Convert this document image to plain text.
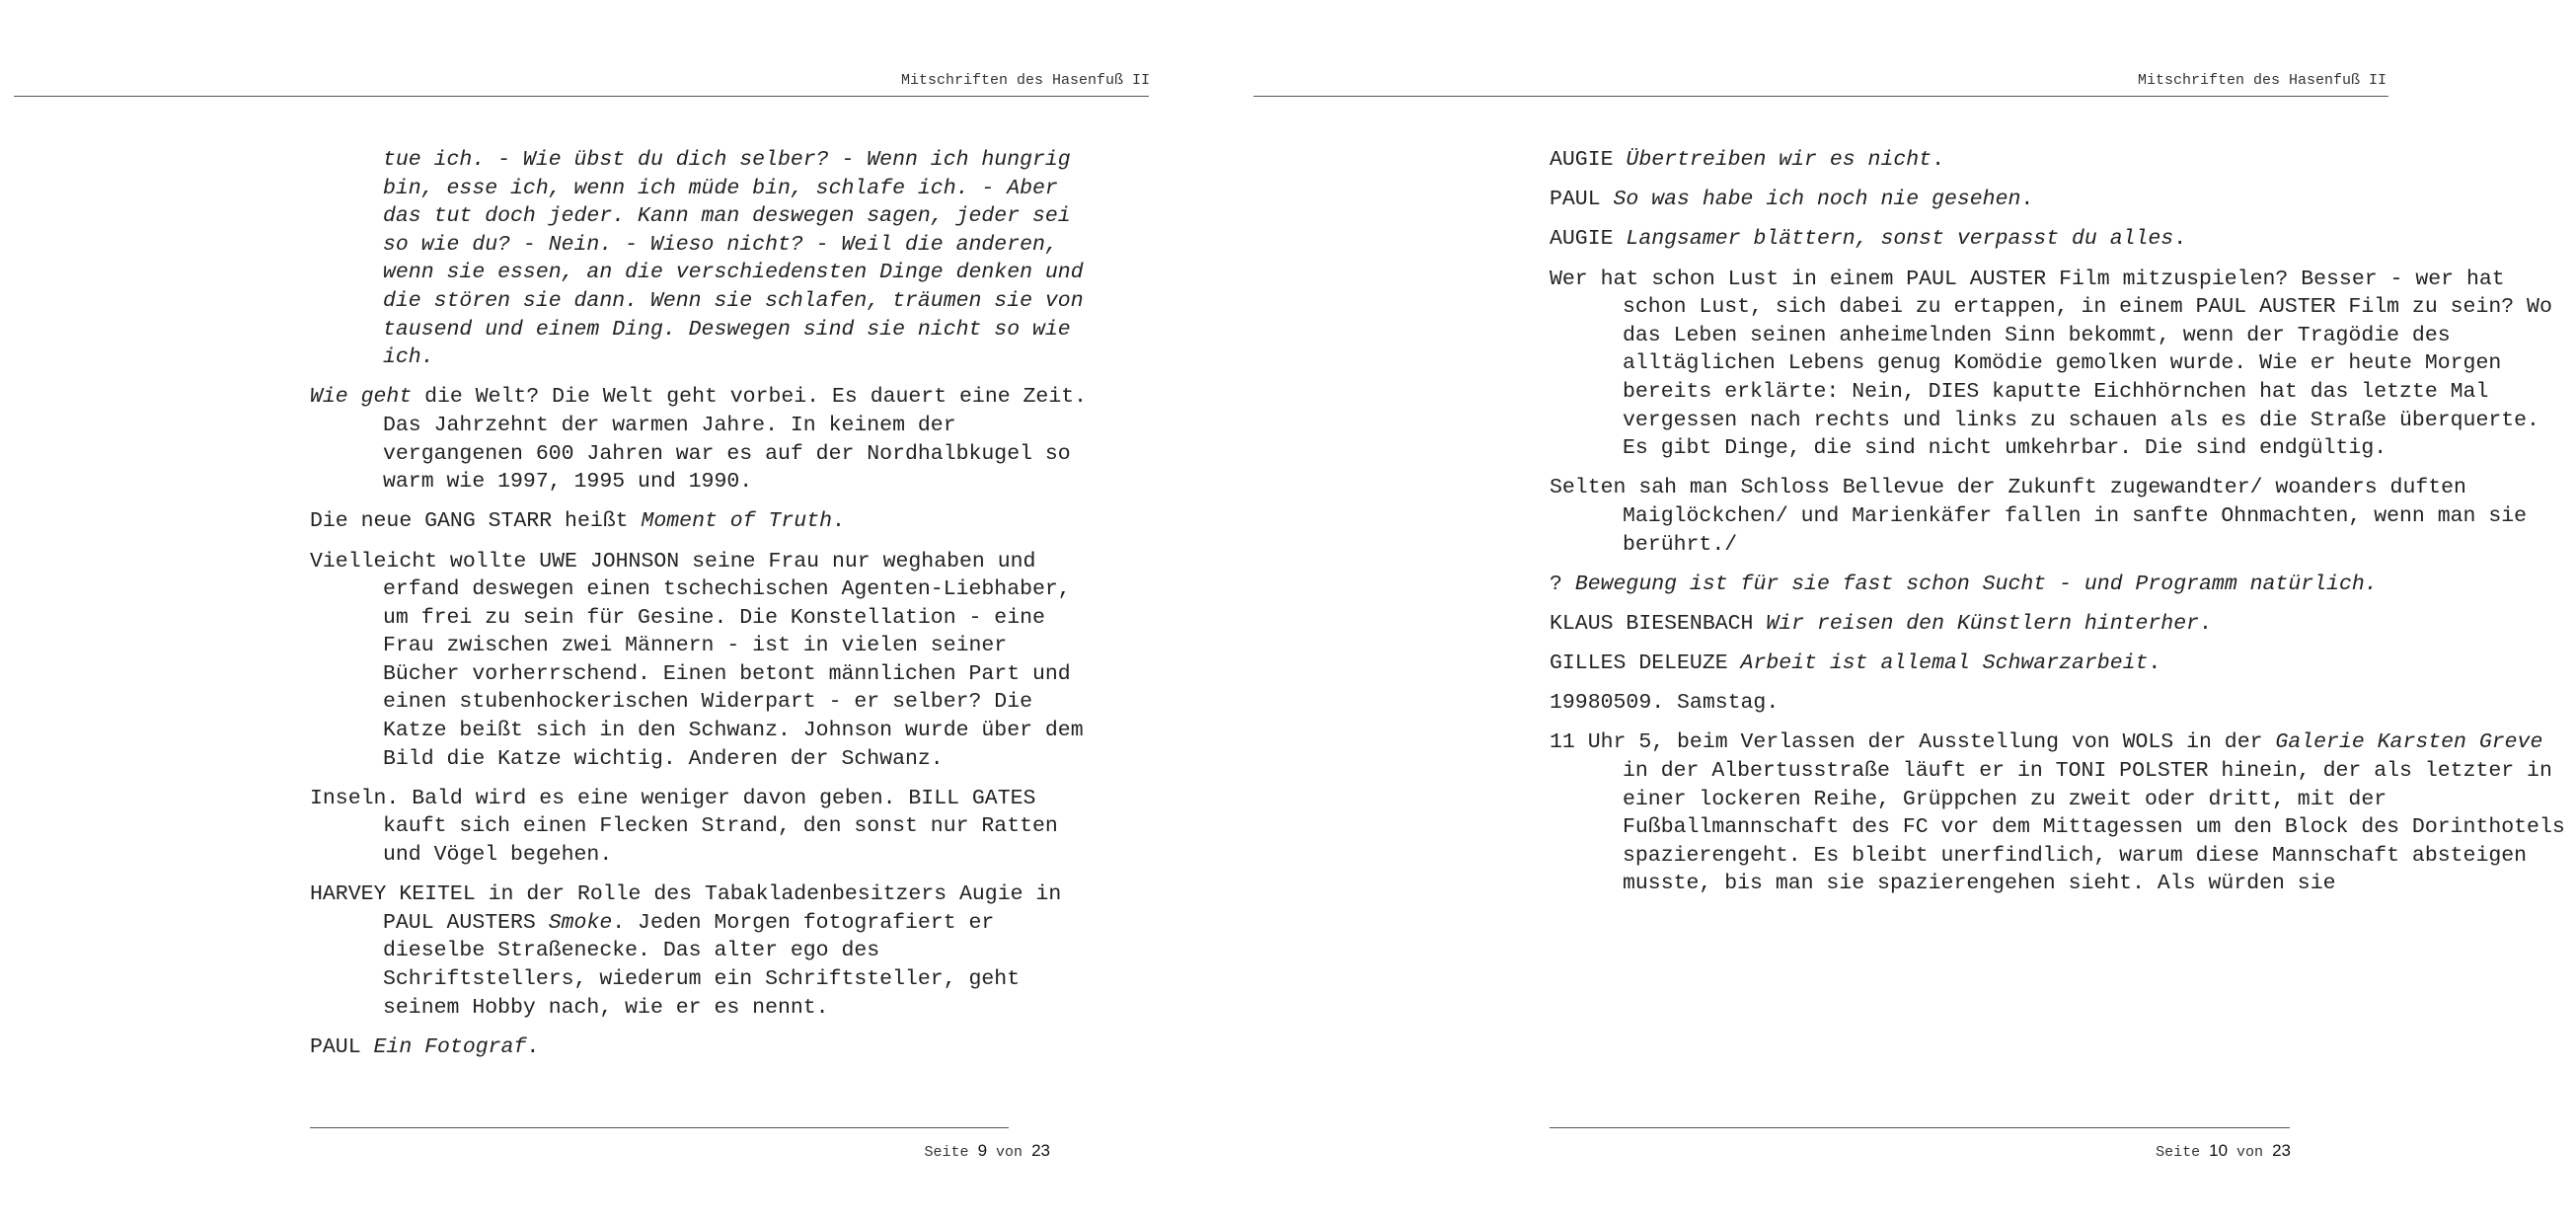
Mitschriften des Hasenfuß II

tue ich. - Wie übst du dich selber? - Wenn ich hungrig bin, esse ich, wenn ich müde bin, schlafe ich. - Aber das tut doch jeder. Kann man deswegen sagen, jeder sei so wie du? - Nein. - Wieso nicht? - Weil die anderen, wenn sie essen, an die verschiedensten Dinge denken und die stören sie dann. Wenn sie schlafen, träumen sie von tausend und einem Ding. Deswegen sind sie nicht so wie ich.

Wie geht die Welt? Die Welt geht vorbei. Es dauert eine Zeit. Das Jahrzehnt der warmen Jahre. In keinem der vergangenen 600 Jahren war es auf der Nordhalbkugel so warm wie 1997, 1995 und 1990.

Die neue GANG STARR heißt Moment of Truth.

Vielleicht wollte UWE JOHNSON seine Frau nur weghaben und erfand deswegen einen tschechischen Agenten-Liebhaber, um frei zu sein für Gesine. Die Konstellation - eine Frau zwischen zwei Männern - ist in vielen seiner Bücher vorherrschend. Einen betont männlichen Part und einen stubenhockerischen Widerpart - er selber? Die Katze beißt sich in den Schwanz. Johnson wurde über dem Bild die Katze wichtig. Anderen der Schwanz.

Inseln. Bald wird es eine weniger davon geben. BILL GATES kauft sich einen Flecken Strand, den sonst nur Ratten und Vögel begehen.

HARVEY KEITEL in der Rolle des Tabakladenbesitzers Augie in PAUL AUSTERS Smoke. Jeden Morgen fotografiert er dieselbe Straßenecke. Das alter ego des Schriftstellers, wiederum ein Schriftsteller, geht seinem Hobby nach, wie er es nennt.

PAUL Ein Fotograf.

Seite 9 von 23
Mitschriften des Hasenfuß II

AUGIE Übertreiben wir es nicht.

PAUL So was habe ich noch nie gesehen.

AUGIE Langsamer blättern, sonst verpasst du alles.

Wer hat schon Lust in einem PAUL AUSTER Film mitzuspielen? Besser - wer hat schon Lust, sich dabei zu ertappen, in einem PAUL AUSTER Film zu sein? Wo das Leben seinen anheimelnden Sinn bekommt, wenn der Tragödie des alltäglichen Lebens genug Komödie gemolken wurde. Wie er heute Morgen bereits erklärte: Nein, DIES kaputte Eichhörnchen hat das letzte Mal vergessen nach rechts und links zu schauen als es die Straße überquerte. Es gibt Dinge, die sind nicht umkehrbar. Die sind endgültig.

Selten sah man Schloss Bellevue der Zukunft zugewandter/ woanders duften Maiglöckchen/ und Marienkäfer fallen in sanfte Ohnmachten, wenn man sie berührt./

? Bewegung ist für sie fast schon Sucht - und Programm natürlich.

KLAUS BIESENBACH Wir reisen den Künstlern hinterher.

GILLES DELEUZE Arbeit ist allemal Schwarzarbeit.

19980509. Samstag.

11 Uhr 5, beim Verlassen der Ausstellung von WOLS in der Galerie Karsten Greve in der Albertusstraße läuft er in TONI POLSTER hinein, der als letzter in einer lockeren Reihe, Grüppchen zu zweit oder dritt, mit der Fußballmannschaft des FC vor dem Mittagessen um den Block des Dorinthotels spazierengeht. Es bleibt unerfindlich, warum diese Mannschaft absteigen musste, bis man sie spazierengehen sieht. Als würden sie

Seite 10 von 23
